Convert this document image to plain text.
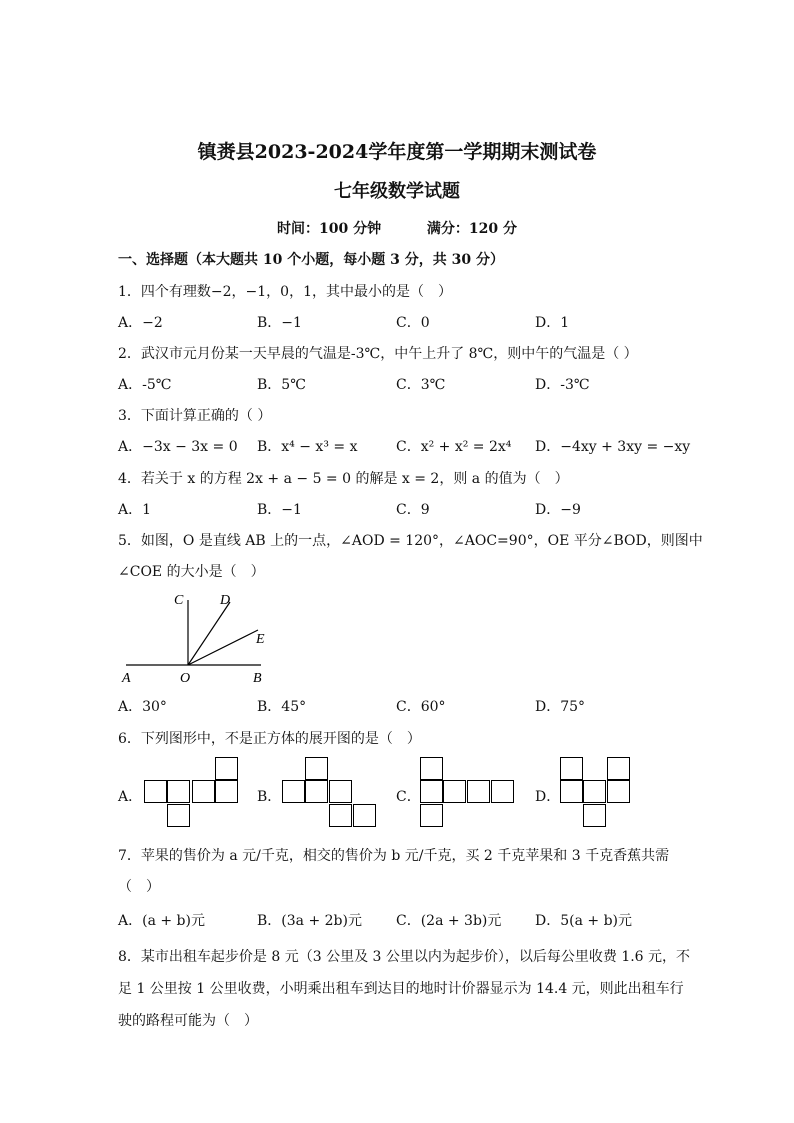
镇赉县2023-2024学年度第一学期期末测试卷
七年级数学试题
时间：100 分钟	满分：120 分
一、选择题（本大题共 10 个小题，每小题 3 分，共 30 分）
1．四个有理数−2，−1，0，1，其中最小的是（　）
A．−2	B．−1	C．0	D．1
2．武汉市元月份某一天早晨的气温是-3℃，中午上升了 8℃，则中午的气温是（ ）
A．-5℃	B．5℃	C．3℃	D．-3℃
3．下面计算正确的（ ）
A．−3x − 3x = 0 B．x⁴ − x³ = x	C．x² + x² = 2x⁴ D．−4xy + 3xy = −xy
4．若关于 x 的方程 2x + a − 5 = 0 的解是 x = 2，则 a 的值为（　）
A．1	B．−1	C．9	D．−9
5．如图，O 是直线 AB 上的一点，∠AOD = 120°，∠AOC=90°，OE 平分∠BOD，则图中
∠COE 的大小是（　）
C	D
E
A	O	B
A．30°	B．45°	C．60°	D．75°
6．下列图形中，不是正方体的展开图的是（　）
A．	B．	C．	D．
7．苹果的售价为 a 元/千克，相交的售价为 b 元/千克，买 2 千克苹果和 3 千克香蕉共需
（　）
A．(a + b)元	B．(3a + 2b)元 C．(2a + 3b)元 D．5(a + b)元
8．某市出租车起步价是 8 元（3 公里及 3 公里以内为起步价），以后每公里收费 1.6 元，不
足 1 公里按 1 公里收费，小明乘出租车到达目的地时计价器显示为 14.4 元，则此出租车行
驶的路程可能为（　）
